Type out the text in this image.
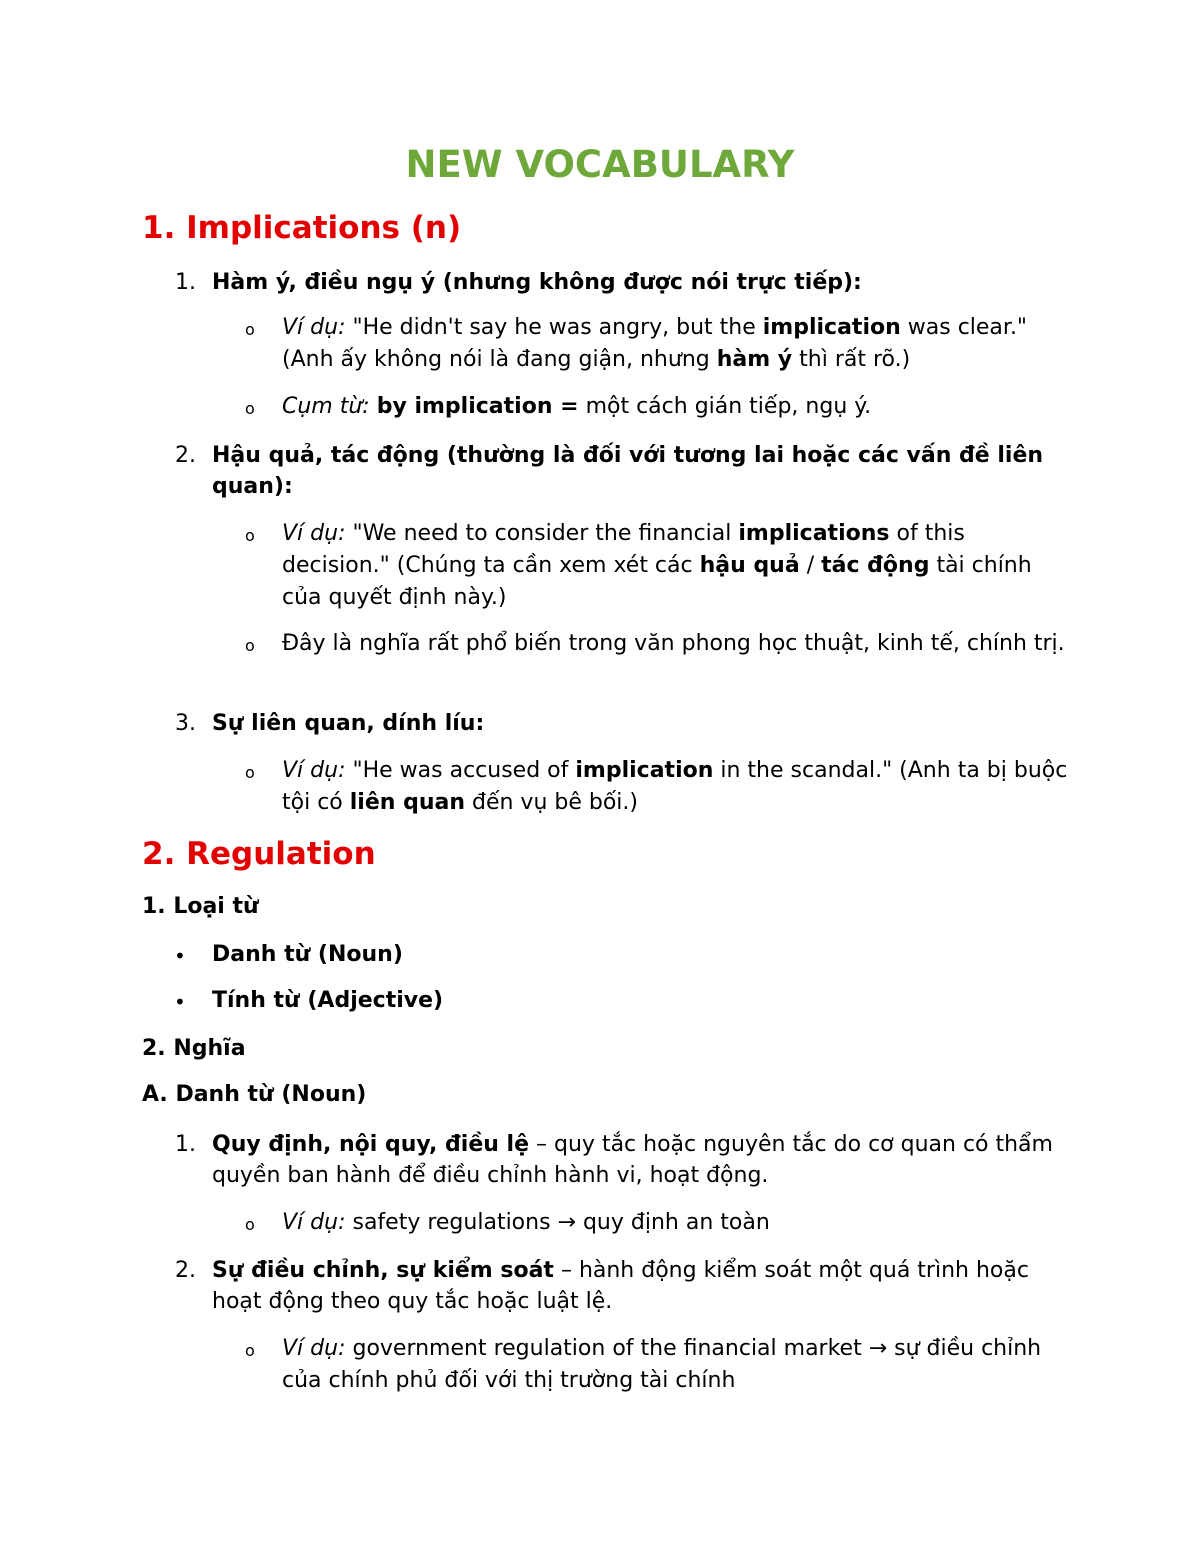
NEW VOCABULARY
1. Implications (n)
1. Hàm ý, điều ngụ ý (nhưng không được nói trực tiếp):
o Ví dụ: "He didn't say he was angry, but the implication was clear." (Anh ấy không nói là đang giận, nhưng hàm ý thì rất rõ.)
o Cụm từ: by implication = một cách gián tiếp, ngụ ý.
2. Hậu quả, tác động (thường là đối với tương lai hoặc các vấn đề liên quan):
o Ví dụ: "We need to consider the financial implications of this decision." (Chúng ta cần xem xét các hậu quả / tác động tài chính của quyết định này.)
o Đây là nghĩa rất phổ biến trong văn phong học thuật, kinh tế, chính trị.
3. Sự liên quan, dính líu:
o Ví dụ: "He was accused of implication in the scandal." (Anh ta bị buộc tội có liên quan đến vụ bê bối.)
2. Regulation
1. Loại từ
• Danh từ (Noun)
• Tính từ (Adjective)
2. Nghĩa
A. Danh từ (Noun)
1. Quy định, nội quy, điều lệ – quy tắc hoặc nguyên tắc do cơ quan có thẩm quyền ban hành để điều chỉnh hành vi, hoạt động.
o Ví dụ: safety regulations → quy định an toàn
2. Sự điều chỉnh, sự kiểm soát – hành động kiểm soát một quá trình hoặc hoạt động theo quy tắc hoặc luật lệ.
o Ví dụ: government regulation of the financial market → sự điều chỉnh của chính phủ đối với thị trường tài chính
